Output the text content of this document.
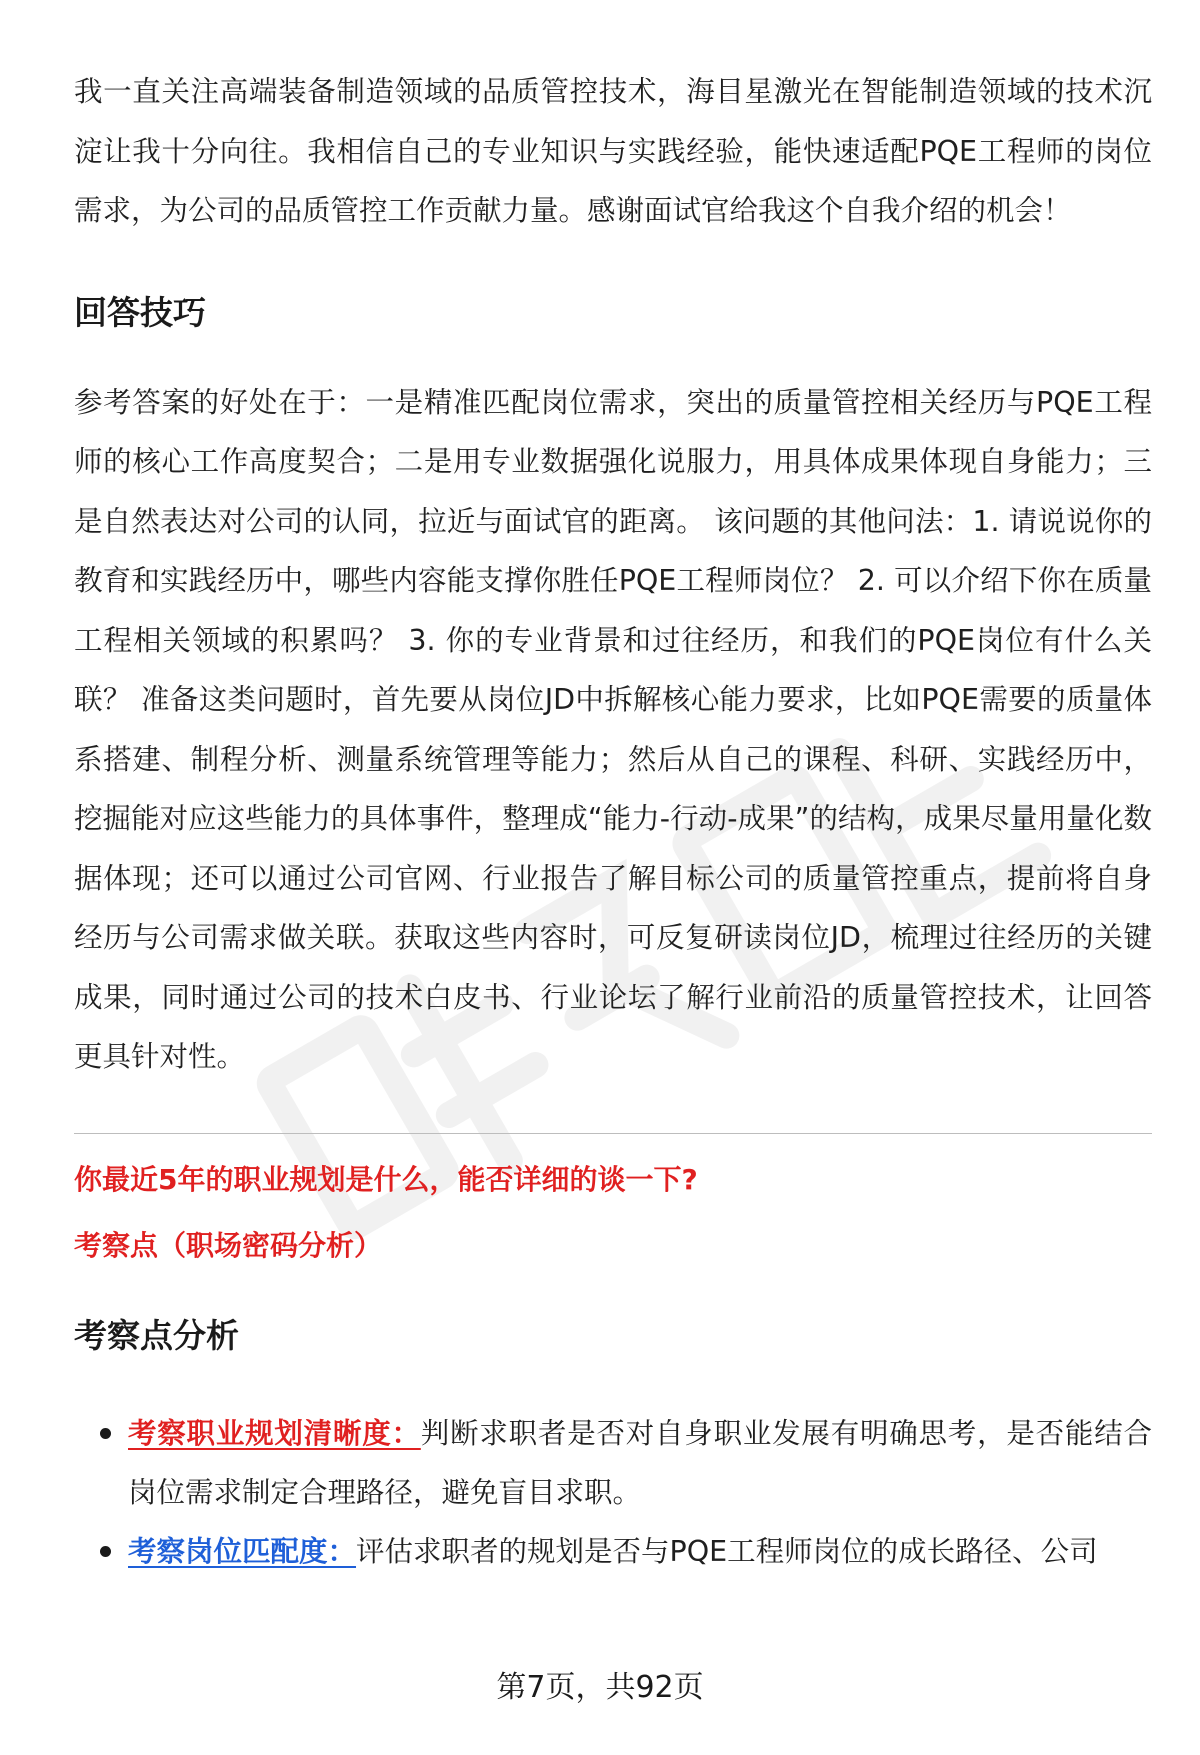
我一直关注高端装备制造领域的品质管控技术，海目星激光在智能制造领域的技术沉淀让我十分向往。我相信自己的专业知识与实践经验，能快速适配PQE工程师的岗位需求，为公司的品质管控工作贡献力量。感谢面试官给我这个自我介绍的机会！

回答技巧

参考答案的好处在于：一是精准匹配岗位需求，突出的质量管控相关经历与PQE工程师的核心工作高度契合；二是用专业数据强化说服力，用具体成果体现自身能力；三是自然表达对公司的认同，拉近与面试官的距离。 该问题的其他问法：1. 请说说你的教育和实践经历中，哪些内容能支撑你胜任PQE工程师岗位？ 2. 可以介绍下你在质量工程相关领域的积累吗？ 3. 你的专业背景和过往经历，和我们的PQE岗位有什么关联？ 准备这类问题时，首先要从岗位JD中拆解核心能力要求，比如PQE需要的质量体系搭建、制程分析、测量系统管理等能力；然后从自己的课程、科研、实践经历中，挖掘能对应这些能力的具体事件，整理成“能力-行动-成果”的结构，成果尽量用量化数据体现；还可以通过公司官网、行业报告了解目标公司的质量管控重点，提前将自身经历与公司需求做关联。获取这些内容时，可反复研读岗位JD，梳理过往经历的关键成果，同时通过公司的技术白皮书、行业论坛了解行业前沿的质量管控技术，让回答更具针对性。

你最近5年的职业规划是什么，能否详细的谈一下?
考察点（职场密码分析）
考察点分析
考察职业规划清晰度：判断求职者是否对自身职业发展有明确思考，是否能结合岗位需求制定合理路径，避免盲目求职。
考察岗位匹配度：评估求职者的规划是否与PQE工程师岗位的成长路径、公司
第7页，共92页
